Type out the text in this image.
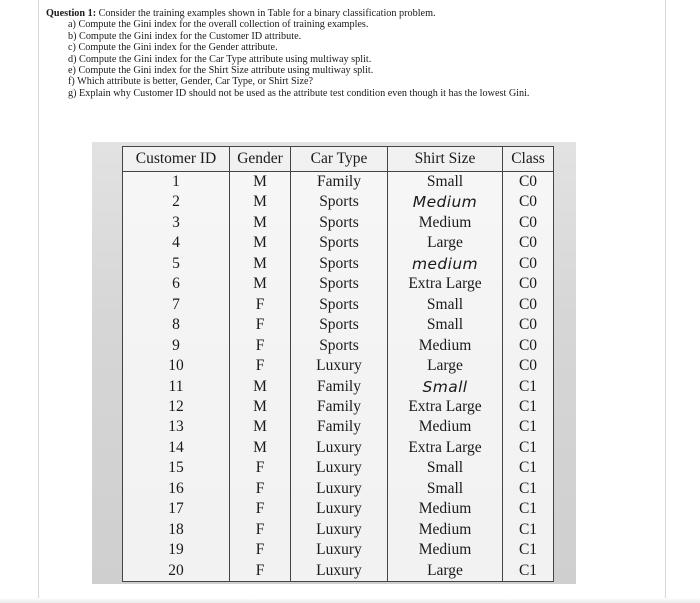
Question 1: Consider the training examples shown in Table for a binary classification problem.
a) Compute the Gini index for the overall collection of training examples.
b) Compute the Gini index for the Customer ID attribute.
c) Compute the Gini index for the Gender attribute.
d) Compute the Gini index for the Car Type attribute using multiway split.
e) Compute the Gini index for the Shirt Size attribute using multiway split.
f) Which attribute is better, Gender, Car Type, or Shirt Size?
g) Explain why Customer ID should not be used as the attribute test condition even though it has the lowest Gini.
Customer ID	Gender	Car Type	Shirt Size	Class
1	M	Family	Small	C0
2	M	Sports	Medium	C0
3	M	Sports	Medium	C0
4	M	Sports	Large	C0
5	M	Sports	medium	C0
6	M	Sports	Extra Large	C0
7	F	Sports	Small	C0
8	F	Sports	Small	C0
9	F	Sports	Medium	C0
10	F	Luxury	Large	C0
11	M	Family	Small	C1
12	M	Family	Extra Large	C1
13	M	Family	Medium	C1
14	M	Luxury	Extra Large	C1
15	F	Luxury	Small	C1
16	F	Luxury	Small	C1
17	F	Luxury	Medium	C1
18	F	Luxury	Medium	C1
19	F	Luxury	Medium	C1
20	F	Luxury	Large	C1
